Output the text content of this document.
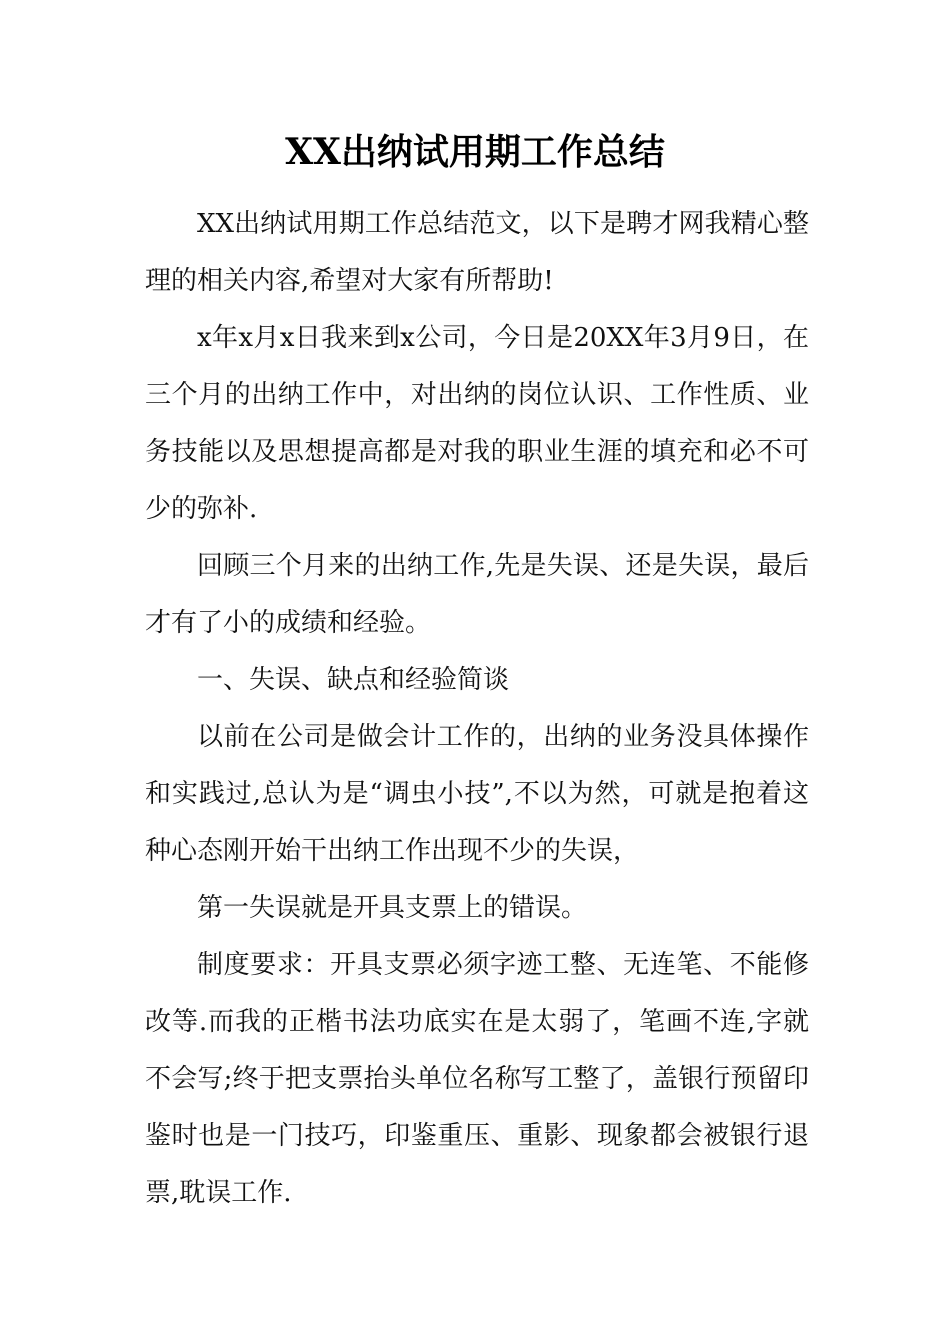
XX出纳试用期工作总结

XX出纳试用期工作总结范文，以下是聘才网我精心整理的相关内容,希望对大家有所帮助!

x年x月x日我来到x公司，今日是20XX年3月9日，在三个月的出纳工作中，对出纳的岗位认识、工作性质、业务技能以及思想提高都是对我的职业生涯的填充和必不可少的弥补.

回顾三个月来的出纳工作,先是失误、还是失误，最后才有了小的成绩和经验。

一、失误、缺点和经验简谈

以前在公司是做会计工作的，出纳的业务没具体操作和实践过,总认为是“调虫小技”,不以为然，可就是抱着这种心态刚开始干出纳工作出现不少的失误，

第一失误就是开具支票上的错误。

制度要求：开具支票必须字迹工整、无连笔、不能修改等.而我的正楷书法功底实在是太弱了，笔画不连,字就不会写;终于把支票抬头单位名称写工整了，盖银行预留印鉴时也是一门技巧，印鉴重压、重影、现象都会被银行退票,耽误工作.
